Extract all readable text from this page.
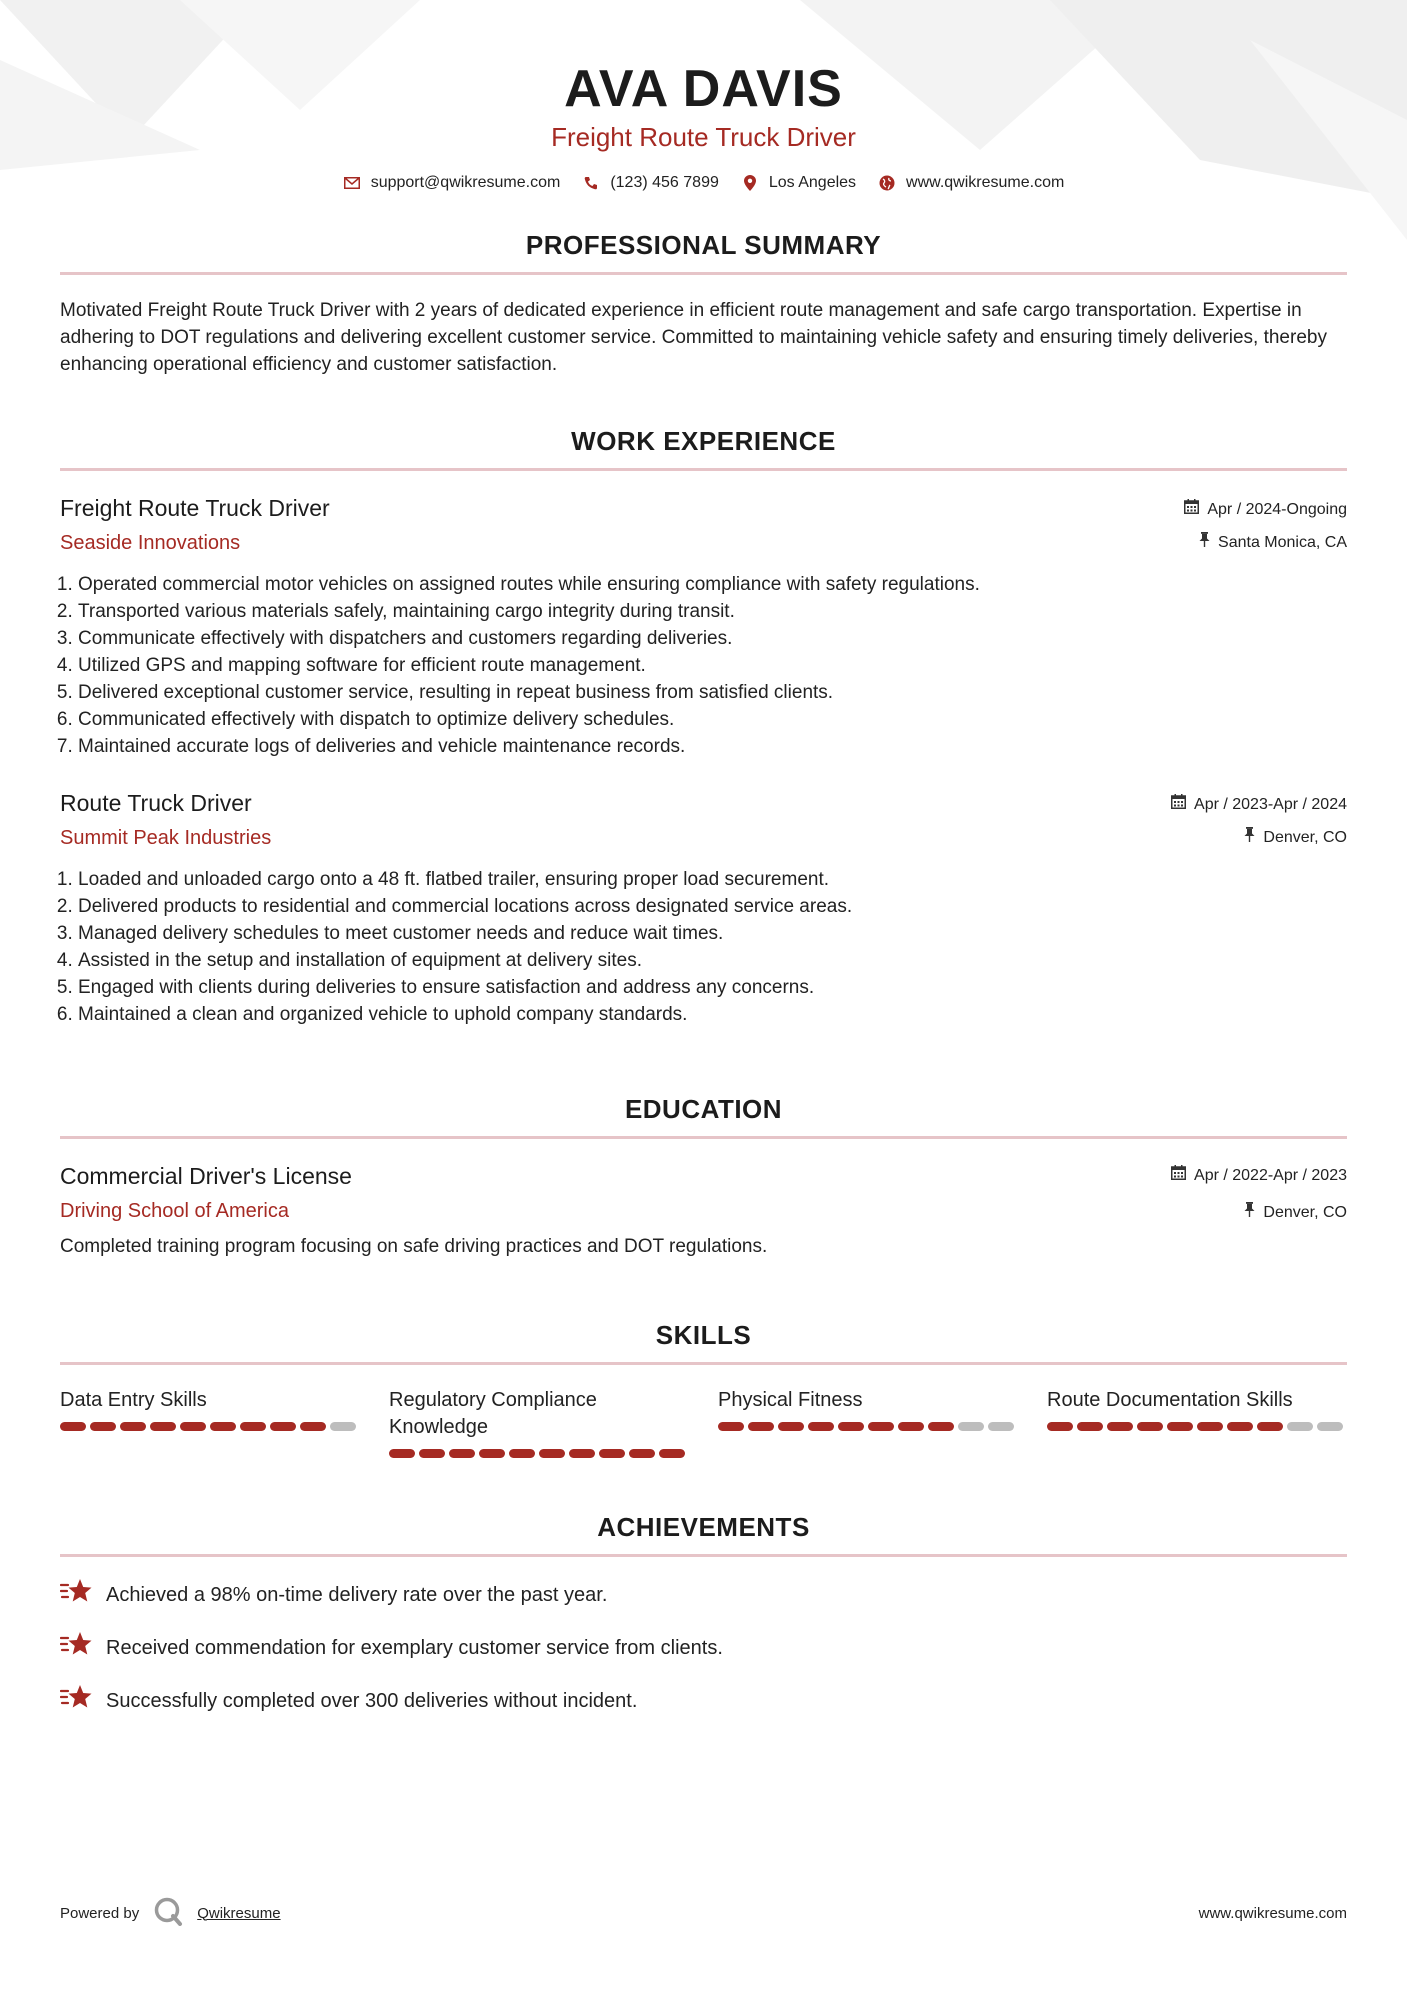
AVA DAVIS
Freight Route Truck Driver
support@qwikresume.com	(123) 456 7899	Los Angeles	www.qwikresume.com
PROFESSIONAL SUMMARY

Motivated Freight Route Truck Driver with 2 years of dedicated experience in efficient route management and safe cargo transportation. Expertise in adhering to DOT regulations and delivering excellent customer service. Committed to maintaining vehicle safety and ensuring timely deliveries, thereby enhancing operational efficiency and customer satisfaction.

WORK EXPERIENCE
Freight Route Truck Driver
Seaside Innovations
Apr / 2024-Ongoing
Santa Monica, CA
1. Operated commercial motor vehicles on assigned routes while ensuring compliance with safety regulations.
2. Transported various materials safely, maintaining cargo integrity during transit.
3. Communicate effectively with dispatchers and customers regarding deliveries.
4. Utilized GPS and mapping software for efficient route management.
5. Delivered exceptional customer service, resulting in repeat business from satisfied clients.
6. Communicated effectively with dispatch to optimize delivery schedules.
7. Maintained accurate logs of deliveries and vehicle maintenance records.
Route Truck Driver
Summit Peak Industries
Apr / 2023-Apr / 2024
Denver, CO
1. Loaded and unloaded cargo onto a 48 ft. flatbed trailer, ensuring proper load securement.
2. Delivered products to residential and commercial locations across designated service areas.
3. Managed delivery schedules to meet customer needs and reduce wait times.
4. Assisted in the setup and installation of equipment at delivery sites.
5. Engaged with clients during deliveries to ensure satisfaction and address any concerns.
6. Maintained a clean and organized vehicle to uphold company standards.
EDUCATION
Commercial Driver's License
Driving School of America
Apr / 2022-Apr / 2023
Denver, CO
Completed training program focusing on safe driving practices and DOT regulations.
SKILLS
Data Entry Skills	Regulatory Compliance Knowledge
Physical Fitness	Route Documentation Skills
ACHIEVEMENTS
Achieved a 98% on-time delivery rate over the past year.
Received commendation for exemplary customer service from clients.
Successfully completed over 300 deliveries without incident.
Powered by	Qwikresume	www.qwikresume.com
